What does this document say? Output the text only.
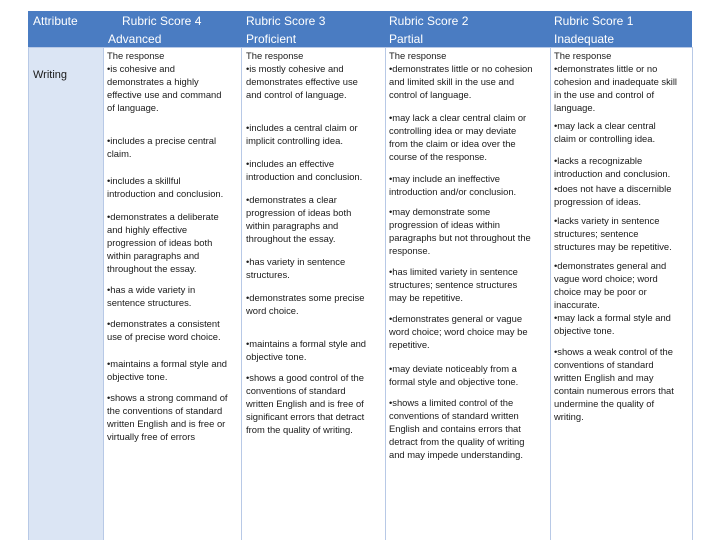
Attribute	Rubric Score 4
Advanced
Rubric Score 3
Proficient
Rubric Score 2
Partial
Rubric Score 1
Inadequate
Writing

The response
•is cohesive and
demonstrates a highly
effective use and command
of language.

•includes a precise central
claim.

•includes a skillful
introduction and conclusion.

•demonstrates a deliberate
and highly effective
progression of ideas both
within paragraphs and
throughout the essay.

•has a wide variety in
sentence structures.

•demonstrates a consistent
use of precise word choice.

•maintains a formal style and
objective tone.

•shows a strong command of
the conventions of standard
written English and is free or
virtually free of errors

The response
•is mostly cohesive and
demonstrates effective use
and control of language.

•includes a central claim or
implicit controlling idea.

•includes an effective
introduction and conclusion.

•demonstrates a clear
progression of ideas both
within paragraphs and
throughout the essay.

•has variety in sentence
structures.

•demonstrates some precise
word choice.

•maintains a formal style and
objective tone.

•shows a good control of the
conventions of standard
written English and is free of
significant errors that detract
from the quality of writing.

The response
•demonstrates little or no cohesion
and limited skill in the use and
control of language.

•may lack a clear central claim or
controlling idea or may deviate
from the claim or idea over the
course of the response.

•may include an ineffective
introduction and/or conclusion.

•may demonstrate some
progression of ideas within
paragraphs but not throughout the
response.

•has limited variety in sentence
structures; sentence structures
may be repetitive.

•demonstrates general or vague
word choice; word choice may be
repetitive.

•may deviate noticeably from a
formal style and objective tone.

•shows a limited control of the
conventions of standard written
English and contains errors that
detract from the quality of writing
and may impede understanding.

The response
•demonstrates little or no
cohesion and inadequate skill
in the use and control of
language.

•may lack a clear central
claim or controlling idea.

•lacks a recognizable
introduction and conclusion.

•does not have a discernible
progression of ideas.

•lacks variety in sentence
structures; sentence
structures may be repetitive.

•demonstrates general and
vague word choice; word
choice may be poor or
inaccurate.

•may lack a formal style and
objective tone.

•shows a weak control of the
conventions of standard
written English and may
contain numerous errors that
undermine the quality of
writing.
